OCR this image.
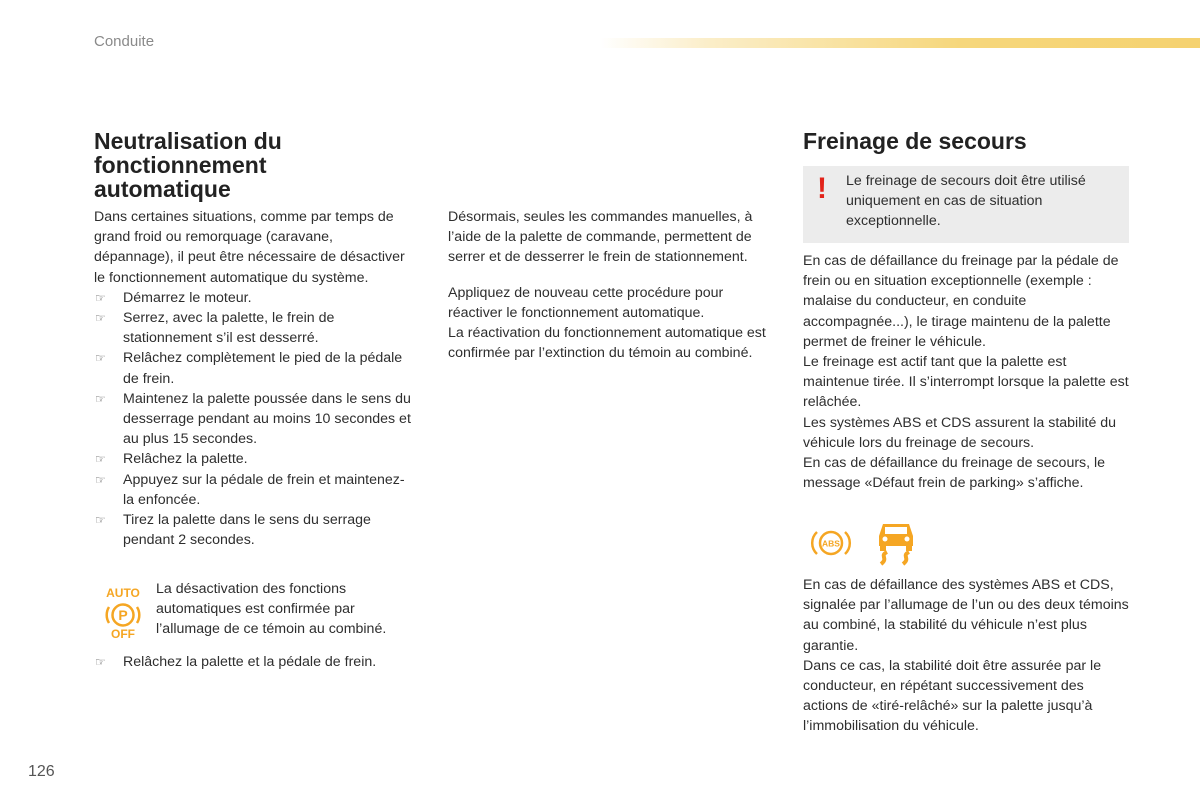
Conduite
Neutralisation du fonctionnement automatique

Dans certaines situations, comme par temps de grand froid ou remorquage (caravane, dépannage), il peut être nécessaire de désactiver le fonctionnement automatique du système.

☞ Démarrez le moteur.
☞ Serrez, avec la palette, le frein de stationnement s’il est desserré.
☞ Relâchez complètement le pied de la pédale de frein.
☞ Maintenez la palette poussée dans le sens du desserrage pendant au moins 10 secondes et au plus 15 secondes.
☞ Relâchez la palette.
☞ Appuyez sur la pédale de frein et maintenez-la enfoncée.
☞ Tirez la palette dans le sens du serrage pendant 2 secondes.
AUTO
P
OFF
La désactivation des fonctions automatiques est confirmée par l’allumage de ce témoin au combiné.
☞ Relâchez la palette et la pédale de frein.

Désormais, seules les commandes manuelles, à l’aide de la palette de commande, permettent de serrer et de desserrer le frein de stationnement.

Appliquez de nouveau cette procédure pour réactiver le fonctionnement automatique.

La réactivation du fonctionnement automatique est confirmée par l’extinction du témoin au combiné.

Freinage de secours
! Le freinage de secours doit être utilisé uniquement en cas de situation exceptionnelle.

En cas de défaillance du freinage par la pédale de frein ou en situation exceptionnelle (exemple : malaise du conducteur, en conduite accompagnée...), le tirage maintenu de la palette permet de freiner le véhicule.

Le freinage est actif tant que la palette est maintenue tirée. Il s’interrompt lorsque la palette est relâchée.

Les systèmes ABS et CDS assurent la stabilité du véhicule lors du freinage de secours.

En cas de défaillance du freinage de secours, le message «Défaut frein de parking» s’affiche.

ABS

En cas de défaillance des systèmes ABS et CDS, signalée par l’allumage de l’un ou des deux témoins au combiné, la stabilité du véhicule n’est plus garantie.

Dans ce cas, la stabilité doit être assurée par le conducteur, en répétant successivement des actions de «tiré-relâché» sur la palette jusqu’à l’immobilisation du véhicule.

126
